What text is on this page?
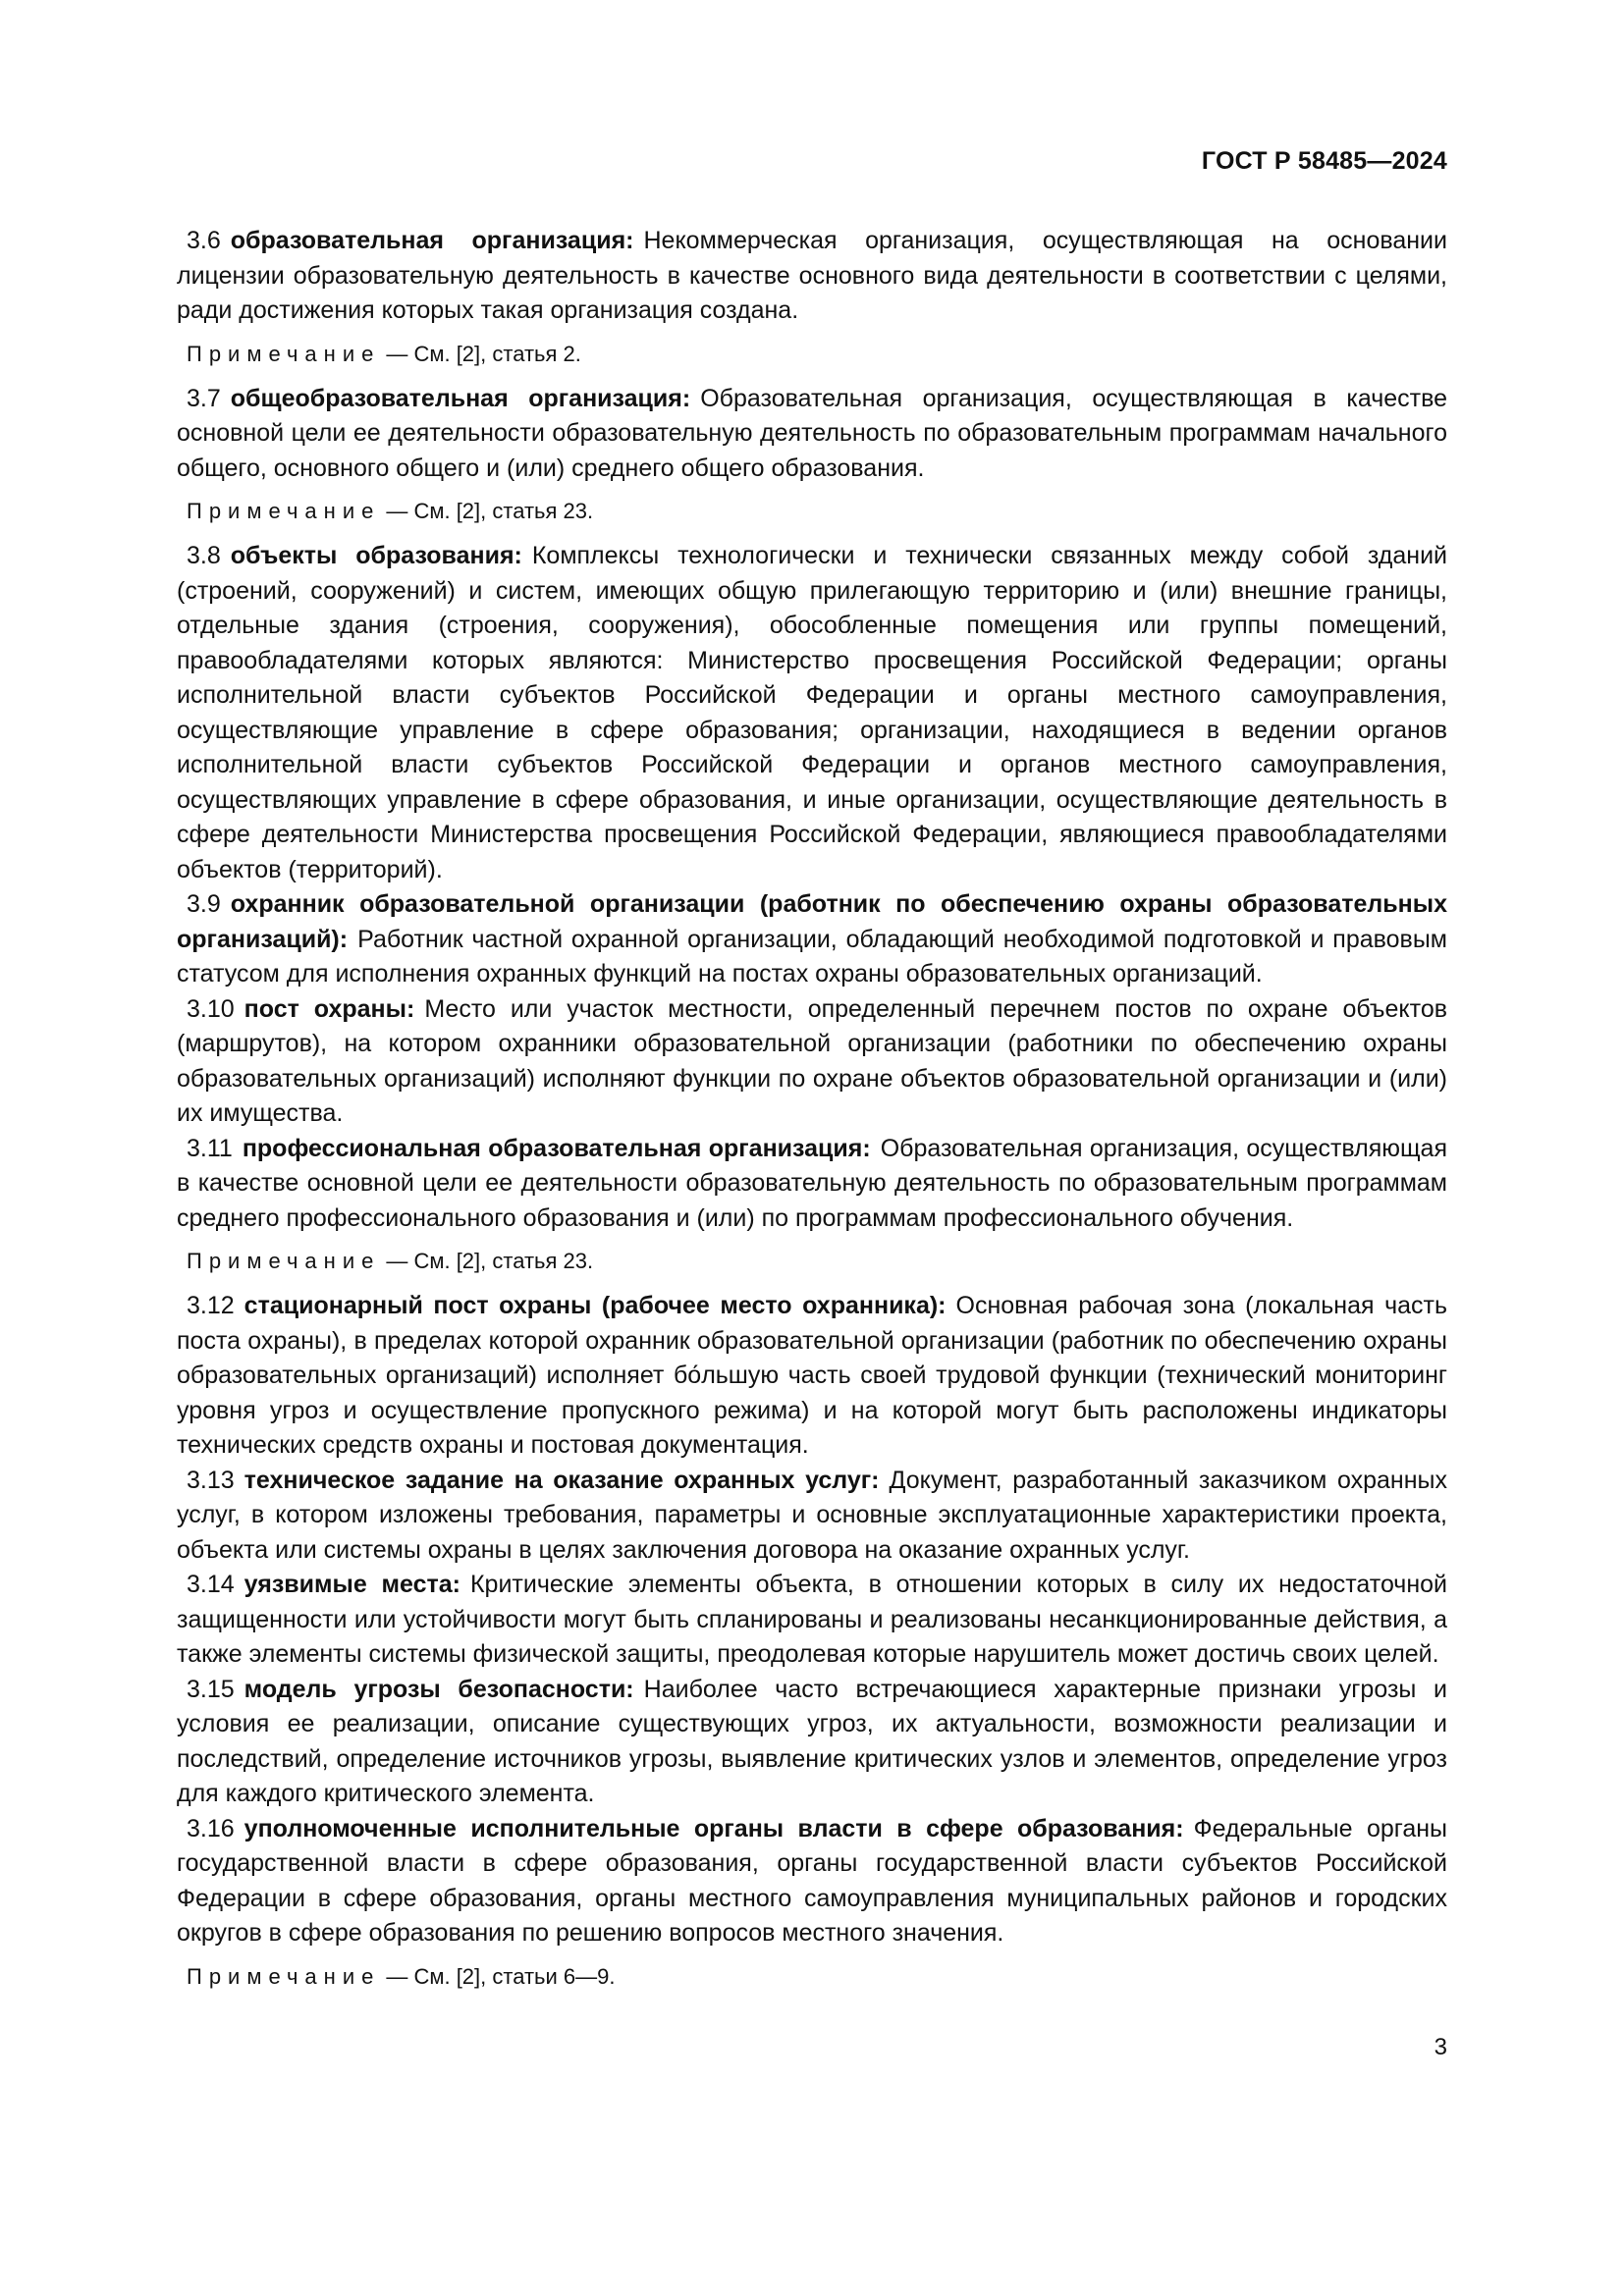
ГОСТ Р 58485—2024

3.6 образовательная организация: Некоммерческая организация, осуществляющая на основании лицензии образовательную деятельность в качестве основного вида деятельности в соответствии с целями, ради достижения которых такая организация создана.

Примечание — См. [2], статья 2.

3.7 общеобразовательная организация: Образовательная организация, осуществляющая в качестве основной цели ее деятельности образовательную деятельность по образовательным программам начального общего, основного общего и (или) среднего общего образования.

Примечание — См. [2], статья 23.

3.8 объекты образования: Комплексы технологически и технически связанных между собой зданий (строений, сооружений) и систем, имеющих общую прилегающую территорию и (или) внешние границы, отдельные здания (строения, сооружения), обособленные помещения или группы помещений, правообладателями которых являются: Министерство просвещения Российской Федерации; органы исполнительной власти субъектов Российской Федерации и органы местного самоуправления, осуществляющие управление в сфере образования; организации, находящиеся в ведении органов исполнительной власти субъектов Российской Федерации и органов местного самоуправления, осуществляющих управление в сфере образования, и иные организации, осуществляющие деятельность в сфере деятельности Министерства просвещения Российской Федерации, являющиеся правообладателями объектов (территорий).

3.9 охранник образовательной организации (работник по обеспечению охраны образовательных организаций): Работник частной охранной организации, обладающий необходимой подготовкой и правовым статусом для исполнения охранных функций на постах охраны образовательных организаций.

3.10 пост охраны: Место или участок местности, определенный перечнем постов по охране объектов (маршрутов), на котором охранники образовательной организации (работники по обеспечению охраны образовательных организаций) исполняют функции по охране объектов образовательной организации и (или) их имущества.

3.11 профессиональная образовательная организация: Образовательная организация, осуществляющая в качестве основной цели ее деятельности образовательную деятельность по образовательным программам среднего профессионального образования и (или) по программам профессионального обучения.

Примечание — См. [2], статья 23.

3.12 стационарный пост охраны (рабочее место охранника): Основная рабочая зона (локальная часть поста охраны), в пределах которой охранник образовательной организации (работник по обеспечению охраны образовательных организаций) исполняет бо́льшую часть своей трудовой функции (технический мониторинг уровня угроз и осуществление пропускного режима) и на которой могут быть расположены индикаторы технических средств охраны и постовая документация.

3.13 техническое задание на оказание охранных услуг: Документ, разработанный заказчиком охранных услуг, в котором изложены требования, параметры и основные эксплуатационные характеристики проекта, объекта или системы охраны в целях заключения договора на оказание охранных услуг.

3.14 уязвимые места: Критические элементы объекта, в отношении которых в силу их недостаточной защищенности или устойчивости могут быть спланированы и реализованы несанкционированные действия, а также элементы системы физической защиты, преодолевая которые нарушитель может достичь своих целей.

3.15 модель угрозы безопасности: Наиболее часто встречающиеся характерные признаки угрозы и условия ее реализации, описание существующих угроз, их актуальности, возможности реализации и последствий, определение источников угрозы, выявление критических узлов и элементов, определение угроз для каждого критического элемента.

3.16 уполномоченные исполнительные органы власти в сфере образования: Федеральные органы государственной власти в сфере образования, органы государственной власти субъектов Российской Федерации в сфере образования, органы местного самоуправления муниципальных районов и городских округов в сфере образования по решению вопросов местного значения.

Примечание — См. [2], статьи 6—9.
3
